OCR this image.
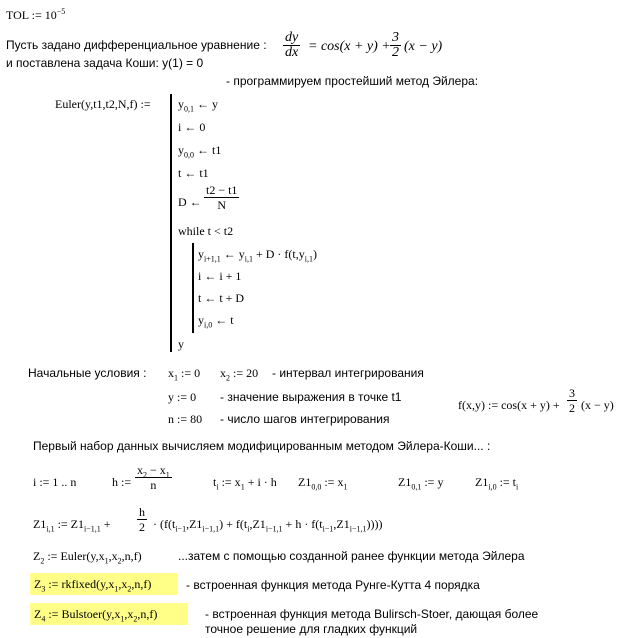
TOL := $10^{-5}$
Пусть задано дифференциальное уравнение :
и поставлена задача Коши: y(1) = 0
$\frac{dy}{dx} = \cos(x + y) + \frac{3}{2} (x - y)$
- программируем простейший метод Эйлера:
Euler(y,t1,t2,N,f) := $y_{0,1}$ ← y
i ← 0
$y_{0,0}$ ← t1
t ← t1
D ← $\frac{t2 - t1}{N}$
while t < t2
$y_{i+1,1}$ ← $y_{i,1} + D \cdot f(t,y_{i,1})$
i ← i + 1
t ← t + D
$y_{i,0}$ ← t
y
Начальные условия : $x_1$ := 0 $x_2$ := 20 - интервал интегрирования
y := 0 - значение выражения в точке t1
n := 80 - число шагов интегрирования
f(x,y) := $\cos(x + y) + \frac{3}{2} (x - y)$
Первый набор данных вычисляем модифицированным методом Эйлера-Коши... :
i := 1 .. n	h := $\frac{x_2 - x_1}{n}$	$t_i$ := $x_1 + i \cdot h$ $Z1_{0,0}$ := $x_1$	$Z1_{0,1}$ := y	$Z1_{i,0}$ := $t_i$
$Z1_{i,1}$ := $Z1_{i-1,1} + \frac{h}{2} \cdot (f(t_{i-1},Z1_{i-1,1}) + f(t_i,Z1_{i-1,1} + h \cdot f(t_{i-1},Z1_{i-1,1})))$)
$Z_2$ := $Euler(y,x_1,x_2,n,f)$	...затем с помощью созданной ранее функции метода Эйлера
$Z_3$ := $rkfixed(y,x_1,x_2,n,f)$	- встроенная функция метода Рунге-Кутта 4 порядка
$Z_4$ := $Bulstoer(y,x_1,x_2,n,f)$	- встроенная функция метода Bulirsch-Stoer, дающая более
точное решение для гладких функций
